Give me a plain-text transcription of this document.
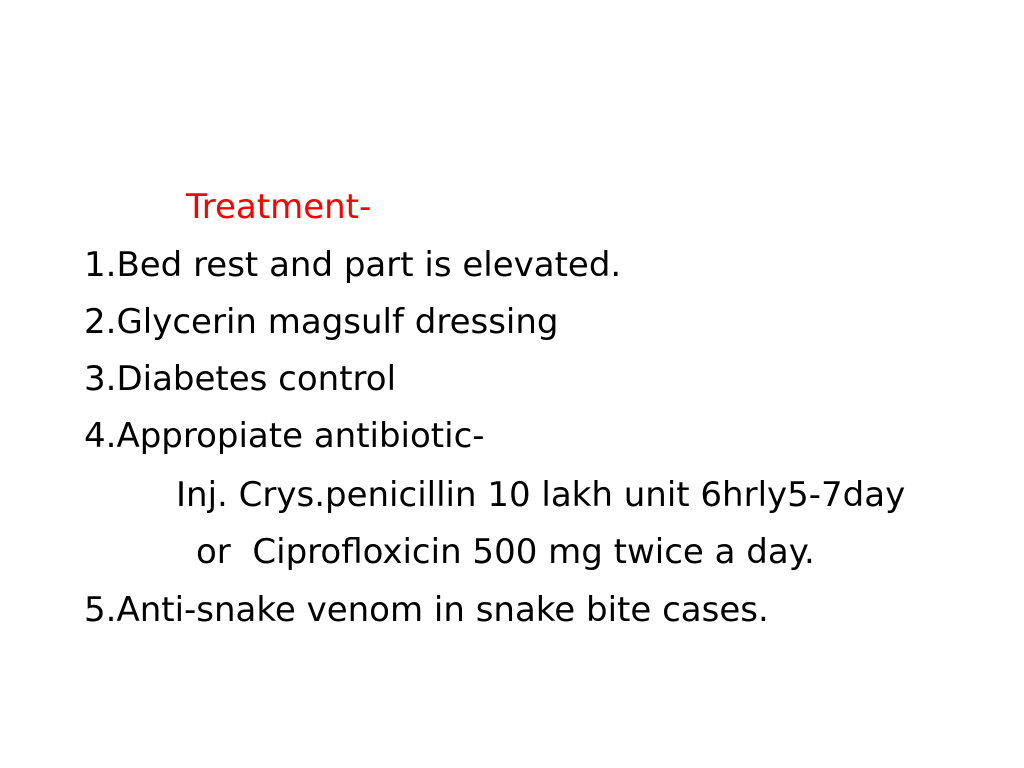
Treatment-
1.Bed rest and part is elevated.
2.Glycerin magsulf dressing
3.Diabetes control
4.Appropiate antibiotic-
Inj. Crys.penicillin 10 lakh unit 6hrly5-7day
or  Ciprofloxicin 500 mg twice a day.
5.Anti-snake venom in snake bite cases.
